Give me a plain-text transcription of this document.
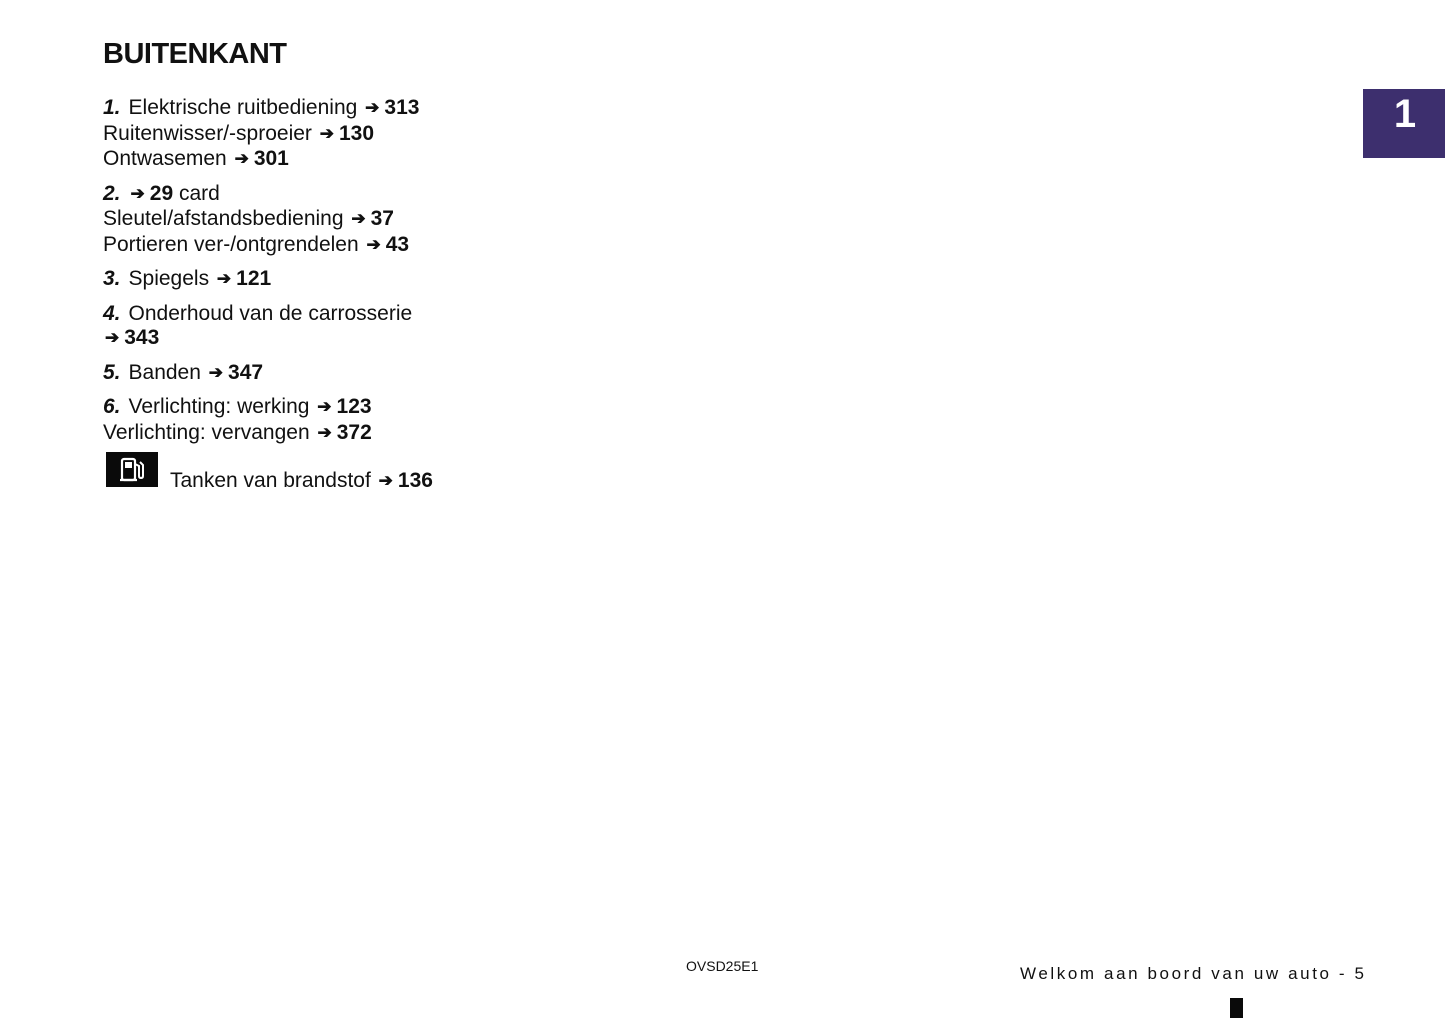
BUITENKANT
1
1. Elektrische ruitbediening ➔ 313
Ruitenwisser/-sproeier ➔ 130
Ontwasemen ➔ 301
2. ➔ 29 card
Sleutel/afstandsbediening ➔ 37
Portieren ver-/ontgrendelen ➔ 43
3. Spiegels ➔ 121
4. Onderhoud van de carrosserie
➔ 343
5. Banden ➔ 347
6. Verlichting: werking ➔ 123
Verlichting: vervangen ➔ 372
Tanken van brandstof ➔ 136
OVSD25E1	Welkom aan boord van uw auto - 5
